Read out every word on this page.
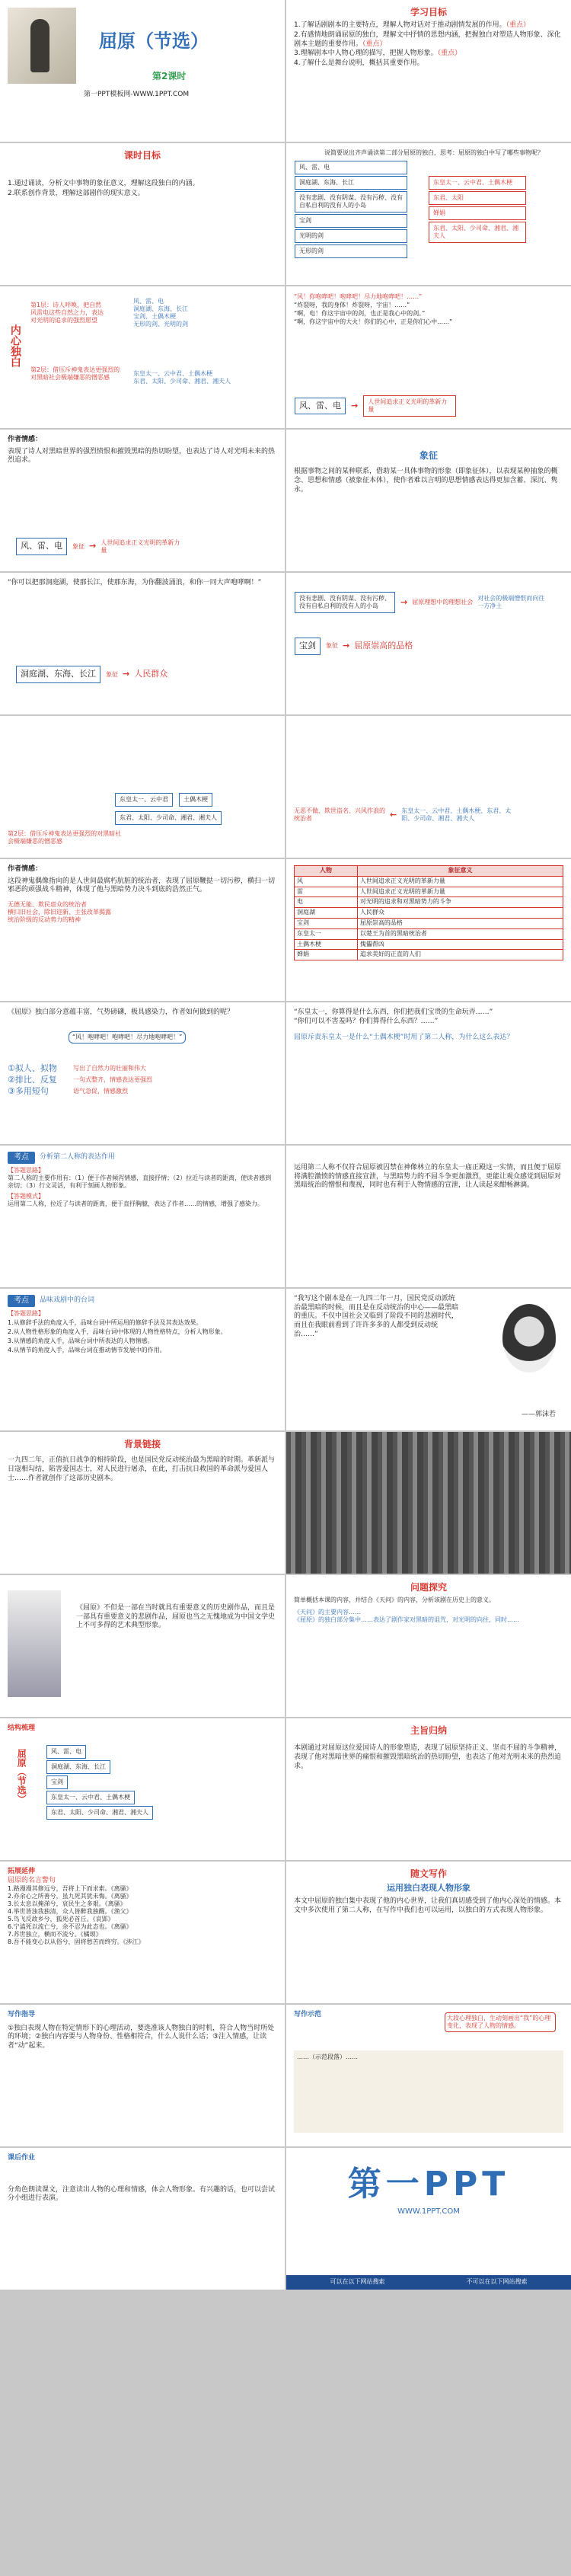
屈原（节选）
第2课时
第一PPT模板网-WWW.1PPT.COM
学习目标

1.了解话剧剧本的主要特点，理解人物对话对于推动剧情发展的作用。（重点）

2.有感情地朗诵屈原的独白，理解文中抒情的思想内涵，把握独白对塑造人物形象、深化剧本主题的重要作用。（重点）

3.理解剧本中人物心理的描写，把握人物形象。（重点）

4.了解什么是舞台说明，概括其重要作用。

课时目标

1.通过诵读，分析文中事物的象征意义，理解这段独白的内涵。

2.联系创作背景，理解这部剧作的现实意义。

说简要说出齐声诵读第二部分屈原的独白，思考：屈原的独白中写了哪些事物呢？
风、雷、电
洞庭湖、东海、长江
没有悲剧、没有阴谋、没有污秽、没有自私自利的没有人的小岛
宝剑
光明的剑
无形的剑
东皇太一、云中君、土偶木梗
东君、太阳
婵娟
东君、太阳、少司命、湘君、湘夫人
内心独白
第1层：诗人呼唤，把自然风雷电这些自然之力，表达对光明的追求的强烈愿望
风、雷、电
洞庭湖、东海、长江
宝剑、土偶木梗
无形的剑、光明的剑
第2层：借压斥神鬼表达更强烈的对黑暗社会极端嫌恶的憎恶感
东皇太一、云中君、土偶木梗
东君、太阳、少司命、湘君、湘夫人

“风！你咆哮吧！咆哮吧！尽力地咆哮吧！……”

“炸裂呀，我的身体！炸裂呀，宇宙！……”

“啊，电！你这宇宙中的剑，也正是我心中的剑。”

“啊，你这宇宙中的大火！你们的心中，正是你们心中……”

风、雷、电	→	人世间追求正义光明的革新力量
作者情感：
表现了诗人对黑暗世界的强烈愤恨和摧毁黑暗的热切盼望，也表达了诗人对光明未来的热烈追求。
风、雷、电	象征 → 人世间追求正义光明的革新力量
象征
根据事物之间的某种联系，借助某一具体事物的形象（即象征体），以表现某种抽象的概念、思想和情感（被象征本体），使作者难以言明的思想情感表达得更加含蓄、深沉、隽永。
“你可以把那洞庭湖，使那长江，使那东海，为你翻波涌浪，和你一同大声咆哮啊！”
洞庭湖、东海、长江	象征 → 人民群众
没有悲剧、没有阴谋、没有污秽、没有自私自利的没有人的小岛	→ 屈原理想中的理想社会
对社会的极端憎恨而向往一方净土
宝剑	象征 → 屈原崇高的品格
东皇太一、云中君	土偶木梗
东君、太阳、少司命、湘君、湘夫人
第2层：借压斥神鬼表达更强烈的对黑暗社会极端嫌恶的憎恶感
无恶不做、欺世盗名、兴风作浪的统治者	← 东皇太一、云中君、土偶木梗、东君、太阳、少司命、湘君、湘夫人
作者情感：
这段神鬼偶像指向的是人世间最腐朽肮脏的统治者，表现了屈原鞭挞一切污秽，横扫一切邪恶的顽强战斗精神，体现了他与黑暗势力决斗到底的浩然正气。
无德无能、欺民虐众的统治者
横扫旧社会，除旧迎新、主张改革揭露统治阶级的反动势力的精神
人物	象征意义
风	人世间追求正义光明的革新力量
雷	人世间追求正义光明的革新力量
电	对光明的追求和对黑暗势力的斗争
洞庭湖	人民群众
宝剑	屈原崇高的品格
东皇太一	以楚王为首的黑暗统治者
土偶木梗	傀儡帮凶
婵娟	追求美好的正直的人们
《屈原》独白部分意蕴丰富，气势磅礴，极具感染力，作者如何做到的呢？
“风！咆哮吧！咆哮吧！尽力地咆哮吧！”
①拟人、拟物	写出了自然力的壮丽和伟大
②排比、反复	一句式整齐，情感表达更强烈
③多用短句	语气急促，情感激烈
“东皇太一，你算得是什么东西，你们把我们宝贵的生命玩弄……”
“你们可以不害羞吗？你们算得什么东西？……”
屈原斥责东皇太一是什么“土偶木梗”时用了第二人称，为什么这么表达？
考点	分析第二人称的表达作用
【答题思路】
第二人称的主要作用有：（1）便于作者倾泻情感，直接抒情；（2）拉近与读者的距离，使读者感到亲切；（3）行文灵活，有利于刻画人物形象。
【答题模式】
运用第二人称，拉近了与读者的距离，便于直抒胸臆，表达了作者……的情感，增强了感染力。
运用第二人称不仅符合屈原被囚禁在神像林立的东皇太一庙正殿这一实情，而且便于屈原将满腔激愤的情感直接宣泄，与黑暗势力的不屈斗争更加激烈，更能让观众感觉到屈原对黑暗统治的憎恨和蔑视，同时也有利于人物情感的宣泄，让人读起来酣畅淋漓。
考点	品味戏剧中的台词
【答题思路】

1.从修辞手法的角度入手，品味台词中所运用的修辞手法及其表达效果。

2.从人物性格形象的角度入手，品味台词中体现的人物性格特点，分析人物形象。

3.从情感的角度入手，品味台词中所表达的人物情感。

4.从情节的角度入手，品味台词在推动情节发展中的作用。

“我写这个剧本是在一九四二年一月，国民党反动派统治最黑暗的时候，而且是在反动统治的中心——最黑暗的重庆。不仅中国社会又临到了阶段不同的悲剧时代，而且在我眼前看到了许许多多的人都受到反动统治……”
——郭沫若
背景链接
一九四二年，正值抗日战争的相持阶段，也是国民党反动统治最为黑暗的时期。革新派与日寇相勾结，陷害爱国志士，对人民进行屠杀，在此，打击抗日救国的革命派与爱国人士……作者就创作了这部历史剧本。
《屈原》不但是一部在当时就具有重要意义的历史剧作品，而且是一部具有重要意义的悲剧作品，屈原也当之无愧地成为中国文学史上不可多得的艺术典型形象。
问题探究
简单概括本课的内容，并结合《天问》的内容，分析该剧在历史上的意义。
《天问》的主要内容……
《屈原》的独白部分集中……表达了剧作家对黑暗的诅咒，对光明的向往，同时……
结构梳理
屈原（节选）	风、雷、电
洞庭湖、东海、长江
宝剑
东皇太一、云中君、土偶木梗
东君、太阳、少司命、湘君、湘夫人
主旨归纳
本剧通过对屈原这位爱国诗人的形象塑造，表现了屈原坚持正义、坚贞不屈的斗争精神，表现了他对黑暗世界的痛恨和摧毁黑暗统治的热切盼望，也表达了他对光明未来的热烈追求。
拓展延伸
屈原的名言警句
1.路漫漫其修远兮，吾将上下而求索。《离骚》
2.亦余心之所善兮，虽九死其犹未悔。《离骚》
3.长太息以掩涕兮，哀民生之多艰。《离骚》
4.举世皆浊我独清，众人皆醉我独醒。《渔父》
5.鸟飞反故乡兮，狐死必首丘。《哀郢》
6.宁溘死以流亡兮，余不忍为此态也。《离骚》
7.苏世独立，横而不流兮。《橘颂》
8.吾不能变心以从俗兮，固将愁苦而终穷。《涉江》
随文写作
运用独白表现人物形象
本文中屈原的独白集中表现了他的内心世界，让我们真切感受到了他内心深处的情感。本文中多次使用了第二人称，在写作中我们也可以运用，以独白的方式表现人物形象。
写作指导
①独白表现人物在特定情形下的心理活动，要选准该人物独白的时机，符合人物当时所处的环境；②独白内容要与人物身份、性格相符合，什么人说什么话；③注入情感，让读者“动”起来。
写作示范	大段心理独白，生动刻画出“我”的心理变化，表现了人物的情感。
……（示范段落）……
课后作业
分角色朗读课文，注意读出人物的心理和情感，体会人物形象。有兴趣的话，也可以尝试分小组进行表演。	第一PPT
WWW.1PPT.COM
可以在以下网站搜索	不可以在以下网站搜索
